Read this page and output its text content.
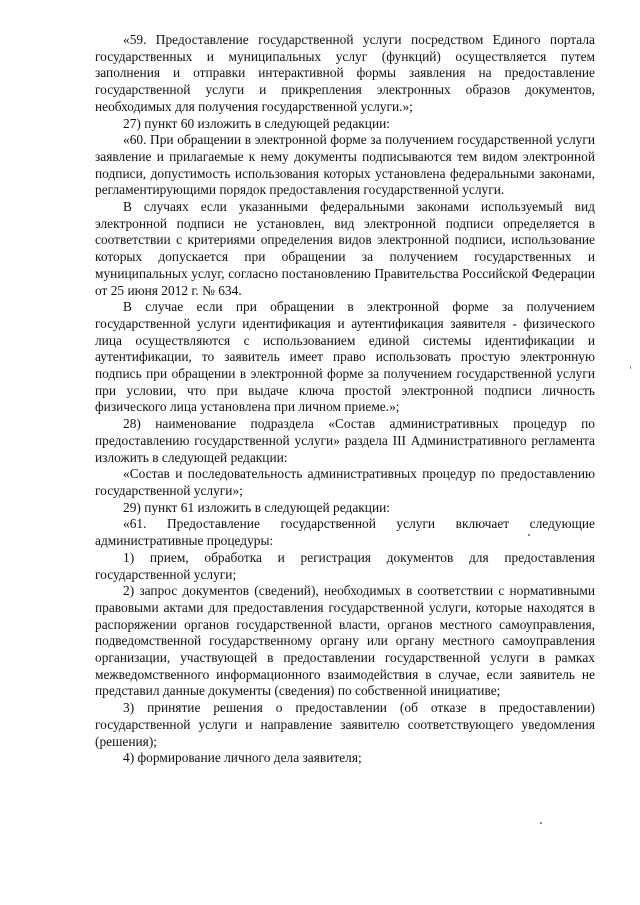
«59. Предоставление государственной услуги посредством Единого портала государственных и муниципальных услуг (функций) осуществляется путем заполнения и отправки интерактивной формы заявления на предоставление государственной услуги и прикрепления электронных образов документов, необходимых для получения государственной услуги.»;

27) пункт 60 изложить в следующей редакции:

«60. При обращении в электронной форме за получением государственной услуги заявление и прилагаемые к нему документы подписываются тем видом электронной подписи, допустимость использования которых установлена федеральными законами, регламентирующими порядок предоставления государственной услуги.

В случаях если указанными федеральными законами используемый вид электронной подписи не установлен, вид электронной подписи определяется в соответствии с критериями определения видов электронной подписи, использование которых допускается при обращении за получением государственных и муниципальных услуг, согласно постановлению Правительства Российской Федерации от 25 июня 2012 г. № 634.

В случае если при обращении в электронной форме за получением государственной услуги идентификация и аутентификация заявителя - физического лица осуществляются с использованием единой системы идентификации и аутентификации, то заявитель имеет право использовать простую электронную подпись при обращении в электронной форме за получением государственной услуги при условии, что при выдаче ключа простой электронной подписи личность физического лица установлена при личном приеме.»;

28) наименование подраздела «Состав административных процедур по предоставлению государственной услуги» раздела III Административного регламента изложить в следующей редакции:

«Состав и последовательность административных процедур по предоставлению государственной услуги»;

29) пункт 61 изложить в следующей редакции:

«61. Предоставление государственной услуги включает следующие административные процедуры:

1) прием, обработка и регистрация документов для предоставления государственной услуги;

2) запрос документов (сведений), необходимых в соответствии с нормативными правовыми актами для предоставления государственной услуги, которые находятся в распоряжении органов государственной власти, органов местного самоуправления, подведомственной государственному органу или органу местного самоуправления организации, участвующей в предоставлении государственной услуги в рамках межведомственного информационного взаимодействия в случае, если заявитель не представил данные документы (сведения) по собственной инициативе;

3) принятие решения о предоставлении (об отказе в предоставлении) государственной услуги и направление заявителю соответствующего уведомления (решения);

4) формирование личного дела заявителя;
